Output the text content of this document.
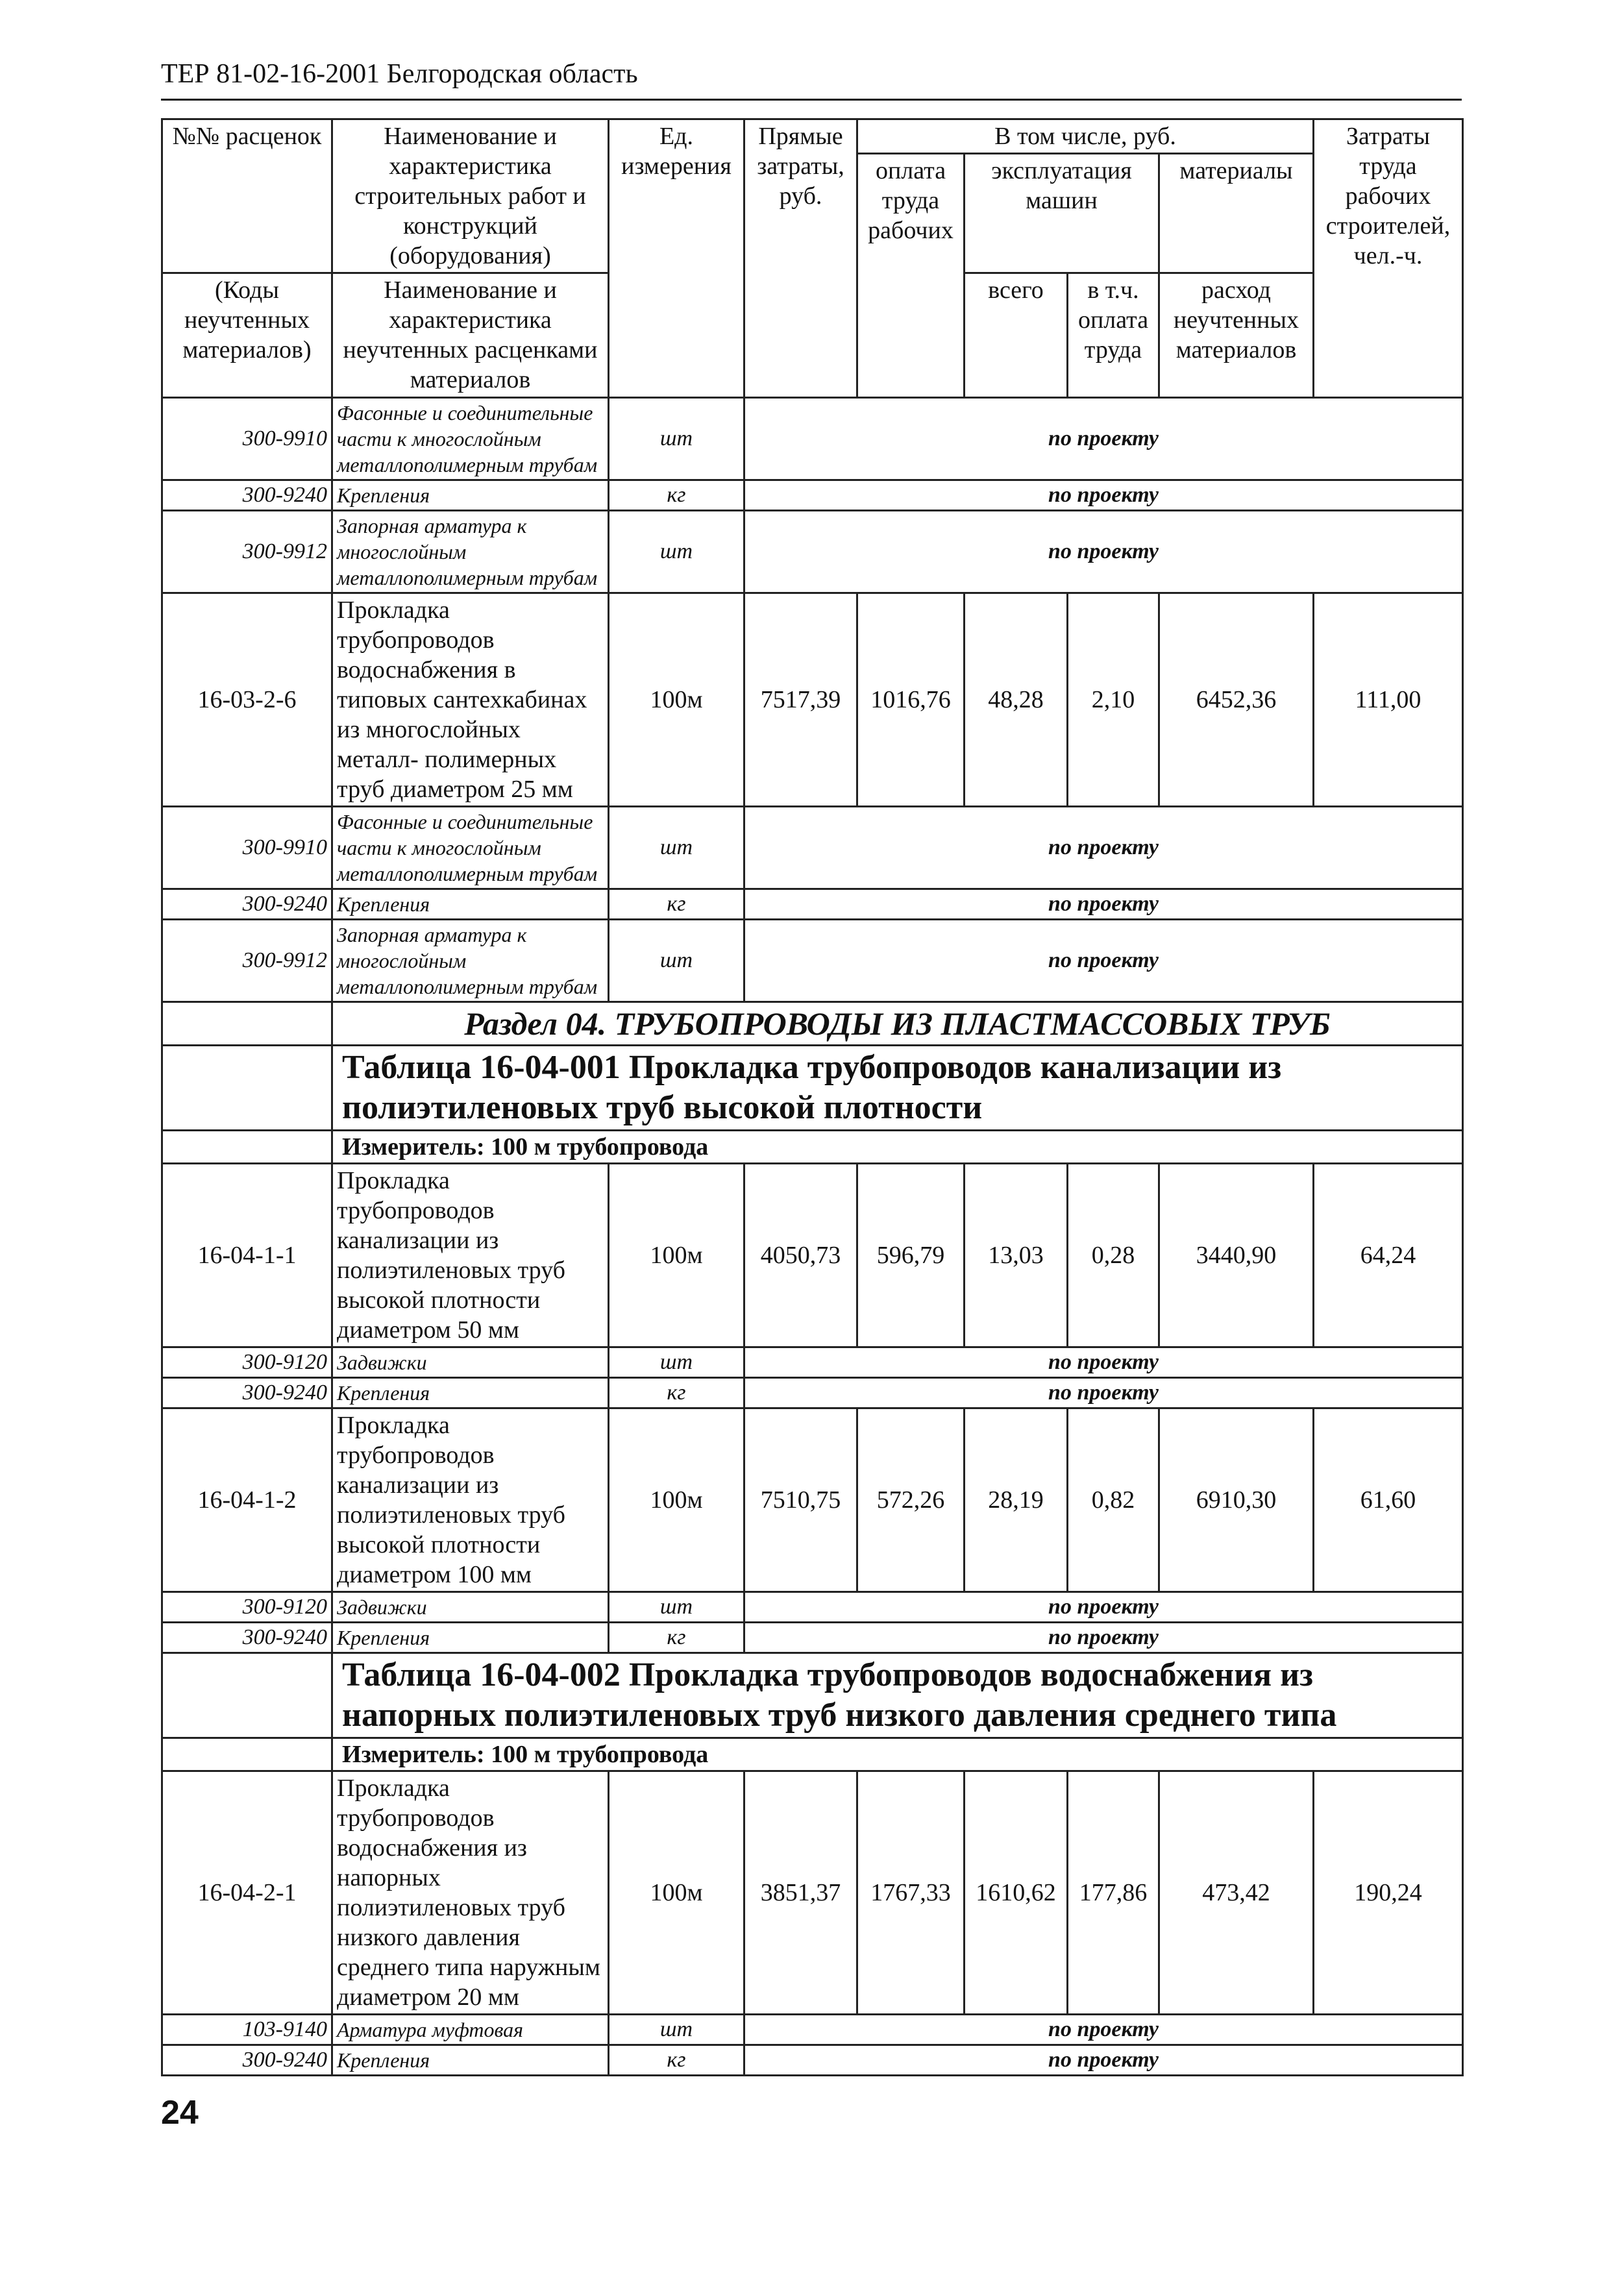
ТЕР 81-02-16-2001 Белгородская область
№№ расценок	Наименование и характеристика строительных работ и конструкций (оборудования)	Ед. измерения	Прямые затраты, руб.	В том числе, руб.				Затраты труда рабочих строителей, чел.-ч.
				оплата труда рабочих	эксплуатация машин		материалы	

(Коды неучтенных материалов)	Наименование и характеристика неучтенных расценками материалов				всего	в т.ч. оплата труда	расход неучтенных материалов	

300-9910	Фасонные и соединительные части к многослойным металлополимерным трубам	шт	по проекту					
300-9240	Крепления	кг	по проекту					
300-9912	Запорная арматура к многослойным металлополимерным трубам	шт	по проекту					
16-03-2-6	Прокладка трубопроводов водоснабжения в типовых сантехкабинах из многослойных металл- полимерных труб диаметром 25 мм	100м	7517,39	1016,76	48,28	2,10	6452,36	111,00
300-9910	Фасонные и соединительные части к многослойным металлополимерным трубам	шт	по проекту					
300-9240	Крепления	кг	по проекту					
300-9912	Запорная арматура к многослойным металлополимерным трубам	шт	по проекту					
	Раздел 04. ТРУБОПРОВОДЫ ИЗ ПЛАСТМАССОВЫХ ТРУБ							
	Таблица 16-04-001 Прокладка трубопроводов канализации из полиэтиленовых труб высокой плотности							
	Измеритель: 100 м трубопровода							
16-04-1-1	Прокладка трубопроводов канализации из полиэтиленовых труб высокой плотности диаметром 50 мм	100м	4050,73	596,79	13,03	0,28	3440,90	64,24
300-9120	Задвижки	шт	по проекту					
300-9240	Крепления	кг	по проекту					
16-04-1-2	Прокладка трубопроводов канализации из полиэтиленовых труб высокой плотности диаметром 100 мм	100м	7510,75	572,26	28,19	0,82	6910,30	61,60
300-9120	Задвижки	шт	по проекту					
300-9240	Крепления	кг	по проекту					
	Таблица 16-04-002 Прокладка трубопроводов водоснабжения из напорных полиэтиленовых труб низкого давления среднего типа							
	Измеритель: 100 м трубопровода							
16-04-2-1	Прокладка трубопроводов водоснабжения из напорных полиэтиленовых труб низкого давления среднего типа наружным диаметром 20 мм	100м	3851,37	1767,33	1610,62	177,86	473,42	190,24
103-9140	Арматура муфтовая	шт	по проекту					
300-9240	Крепления	кг	по проекту					
24
